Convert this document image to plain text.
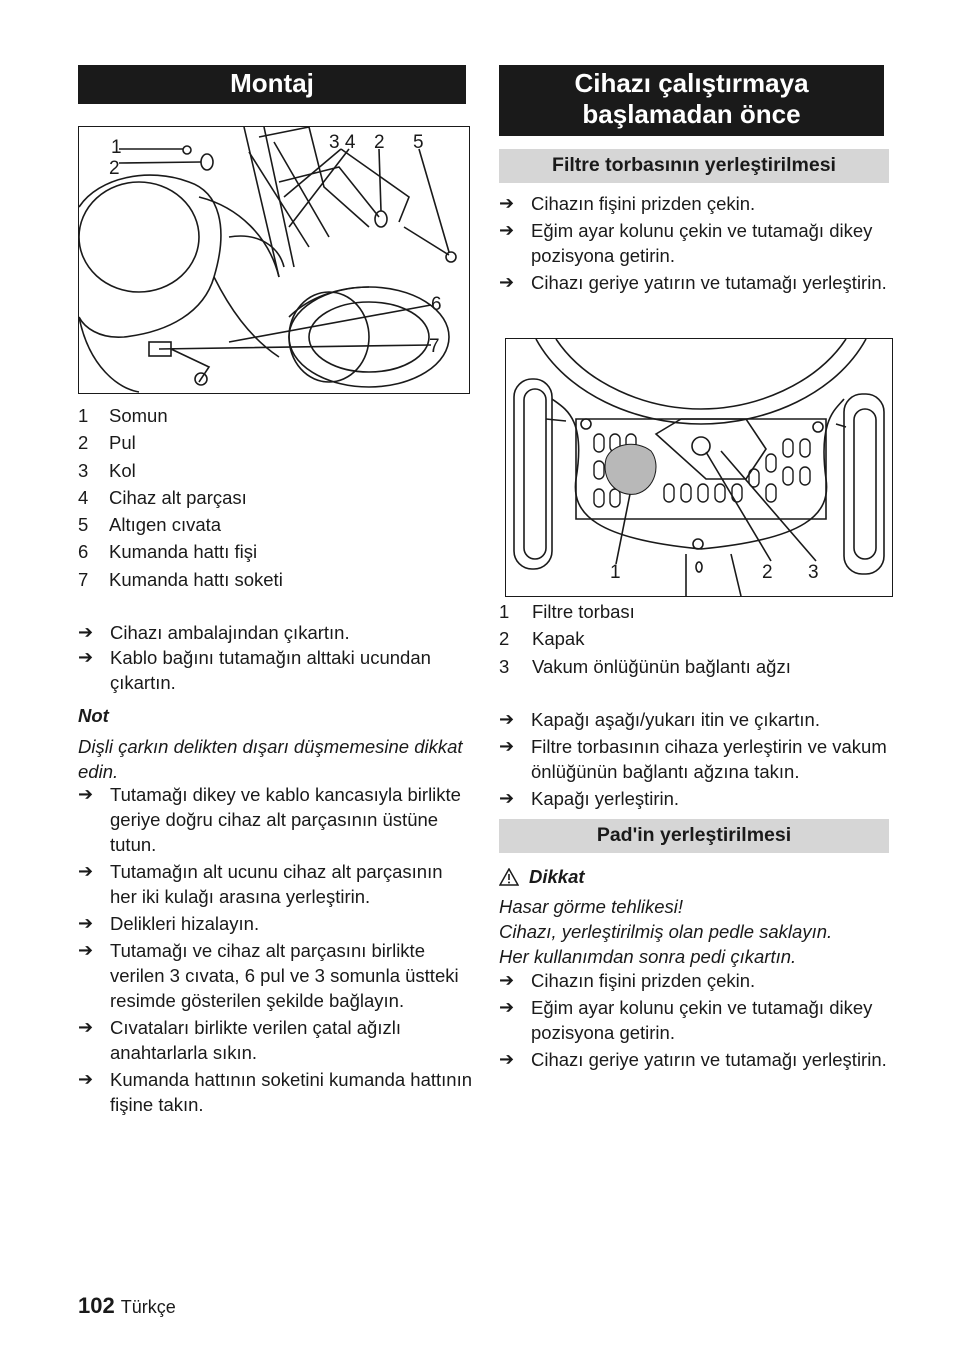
Montaj
1
2
3 4 2 5
6
7
1	Somun
2	Pul
3	Kol
4	Cihaz alt parçası
5	Altıgen cıvata
6	Kumanda hattı fişi
7	Kumanda hattı soketi
➔ Cihazı ambalajından çıkartın.
➔ Kablo bağını tutamağın alttaki ucundan çıkartın.
Not
Dişli çarkın delikten dışarı düşmemesine dikkat edin.
➔ Tutamağı dikey ve kablo kancasıyla birlikte geriye doğru cihaz alt parçasının üstüne tutun.
➔ Tutamağın alt ucunu cihaz alt parçasının her iki kulağı arasına yerleştirin.
➔ Delikleri hizalayın.
➔ Tutamağı ve cihaz alt parçasını birlikte verilen 3 cıvata, 6 pul ve 3 somunla üstteki resimde gösterilen şekilde bağlayın.
➔ Cıvataları birlikte verilen çatal ağızlı anahtarlarla sıkın.
➔ Kumanda hattının soketini kumanda hattının fişine takın.
Cihazı çalıştırmaya
başlamadan önce
Filtre torbasının yerleştirilmesi
➔ Cihazın fişini prizden çekin.
➔ Eğim ayar kolunu çekin ve tutamağı dikey pozisyona getirin.
➔ Cihazı geriye yatırın ve tutamağı yerleştirin.
1	2 3
1	Filtre torbası
2	Kapak
3	Vakum önlüğünün bağlantı ağzı
➔ Kapağı aşağı/yukarı itin ve çıkartın.
➔ Filtre torbasının cihaza yerleştirin ve vakum önlüğünün bağlantı ağzına takın.
➔ Kapağı yerleştirin.
Pad'in yerleştirilmesi
Dikkat
Hasar görme tehlikesi!
Cihazı, yerleştirilmiş olan pedle saklayın.
Her kullanımdan sonra pedi çıkartın.
➔ Cihazın fişini prizden çekin.
➔ Eğim ayar kolunu çekin ve tutamağı dikey pozisyona getirin.
➔ Cihazı geriye yatırın ve tutamağı yerleştirin.
102 Türkçe
